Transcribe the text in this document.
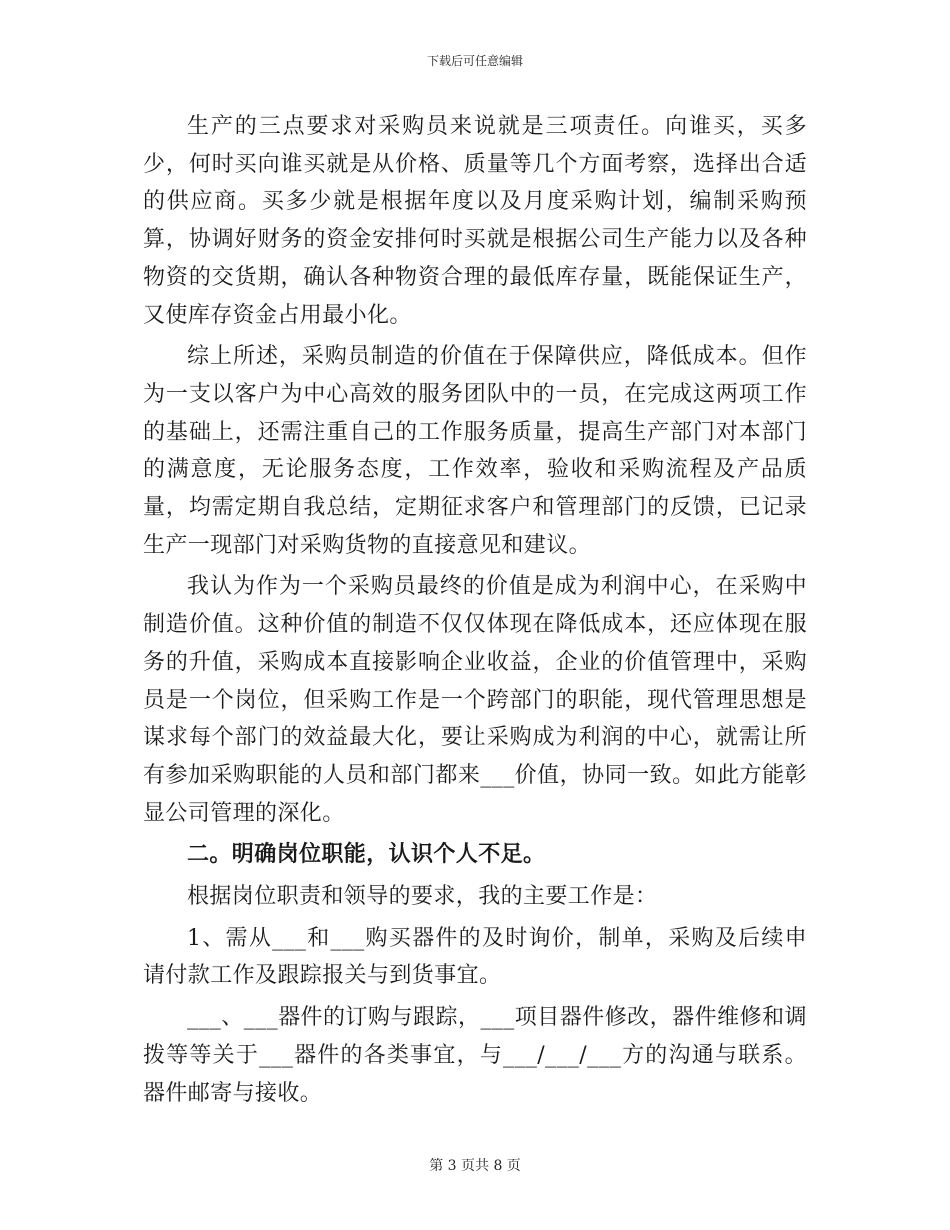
下载后可任意编辑

生产的三点要求对采购员来说就是三项责任。向谁买，买多少，何时买向谁买就是从价格、质量等几个方面考察，选择出合适的供应商。买多少就是根据年度以及月度采购计划，编制采购预算，协调好财务的资金安排何时买就是根据公司生产能力以及各种物资的交货期，确认各种物资合理的最低库存量，既能保证生产，又使库存资金占用最小化。

综上所述，采购员制造的价值在于保障供应，降低成本。但作为一支以客户为中心高效的服务团队中的一员，在完成这两项工作的基础上，还需注重自己的工作服务质量，提高生产部门对本部门的满意度，无论服务态度，工作效率，验收和采购流程及产品质量，均需定期自我总结，定期征求客户和管理部门的反馈，已记录生产一现部门对采购货物的直接意见和建议。

我认为作为一个采购员最终的价值是成为利润中心，在采购中制造价值。这种价值的制造不仅仅体现在降低成本，还应体现在服务的升值，采购成本直接影响企业收益，企业的价值管理中，采购员是一个岗位，但采购工作是一个跨部门的职能，现代管理思想是谋求每个部门的效益最大化，要让采购成为利润的中心，就需让所有参加采购职能的人员和部门都来___价值，协同一致。如此方能彰显公司管理的深化。

二。明确岗位职能，认识个人不足。

根据岗位职责和领导的要求，我的主要工作是：

1、需从___和___购买器件的及时询价，制单，采购及后续申请付款工作及跟踪报关与到货事宜。

___、___器件的订购与跟踪，___项目器件修改，器件维修和调拨等等关于___器件的各类事宜，与___/___/___方的沟通与联系。器件邮寄与接收。

第 3 页共 8 页
